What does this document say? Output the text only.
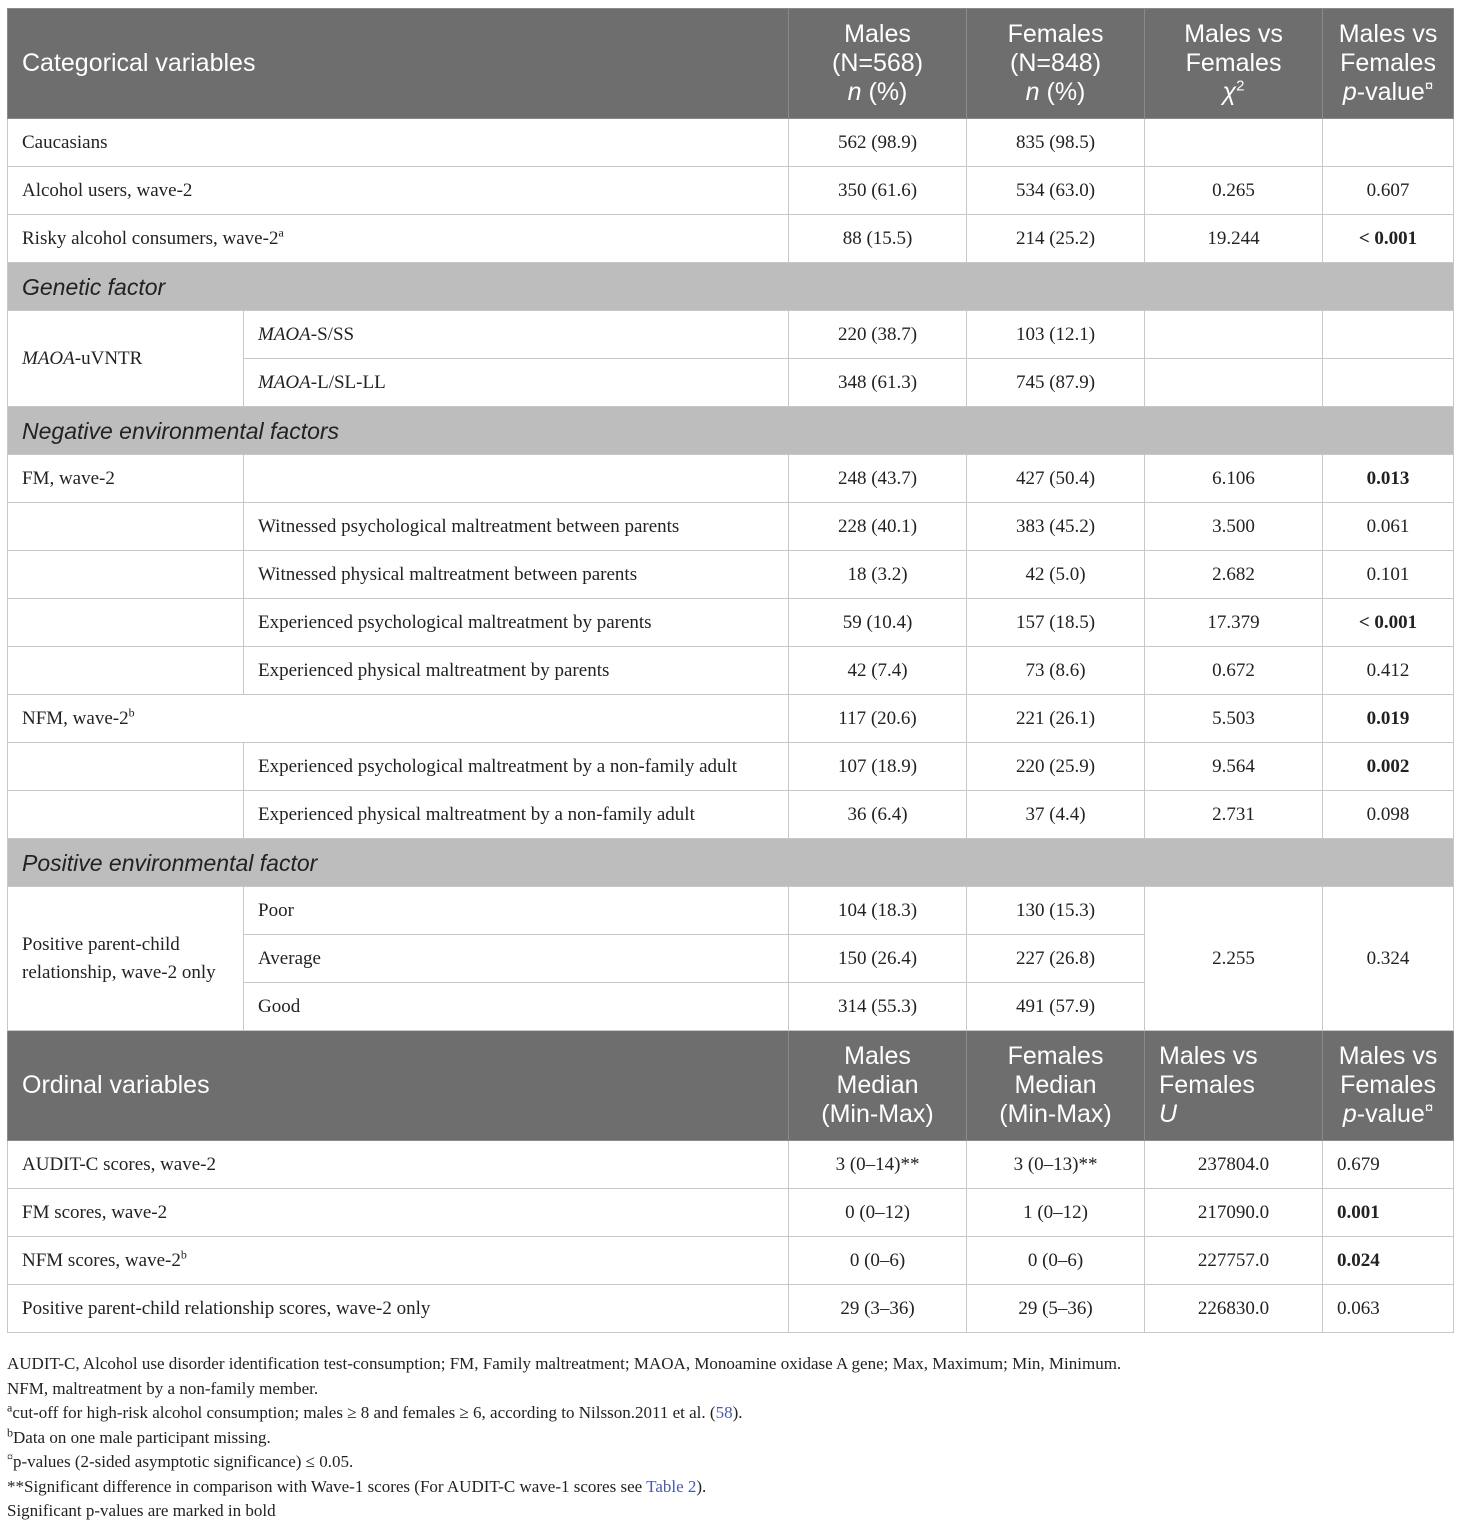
Categorical variables		Males
(N=568)
n (%)	Females
(N=848)
n (%)	Males vs
Females
$\chi^2$	Males vs
Females
p-value¤
Caucasians		562 (98.9)	835 (98.5)		
Alcohol users, wave-2		350 (61.6)	534 (63.0)	0.265	0.607
Risky alcohol consumers, wave-2$^a$		88 (15.5)	214 (25.2)	19.244	< 0.001
Genetic factor					
MAOA-uVNTR	MAOA-S/SS	220 (38.7)	103 (12.1)		
	MAOA-L/SL-LL	348 (61.3)	745 (87.9)		
Negative environmental factors					
FM, wave-2		248 (43.7)	427 (50.4)	6.106	0.013
	Witnessed psychological maltreatment between parents	228 (40.1)	383 (45.2)	3.500	0.061
	Witnessed physical maltreatment between parents	18 (3.2)	42 (5.0)	2.682	0.101
	Experienced psychological maltreatment by parents	59 (10.4)	157 (18.5)	17.379	< 0.001
	Experienced physical maltreatment by parents	42 (7.4)	73 (8.6)	0.672	0.412
NFM, wave-2$^b$		117 (20.6)	221 (26.1)	5.503	0.019
	Experienced psychological maltreatment by a non-family adult	107 (18.9)	220 (25.9)	9.564	0.002
	Experienced physical maltreatment by a non-family adult	36 (6.4)	37 (4.4)	2.731	0.098
Positive environmental factor					
Positive parent-child relationship, wave-2 only	Poor	104 (18.3)	130 (15.3)	2.255	0.324
	Average	150 (26.4)	227 (26.8)		
	Good	314 (55.3)	491 (57.9)		
Ordinal variables		Males
Median
(Min-Max)	Females
Median
(Min-Max)	Males vs
Females
U	Males vs
Females
p-value¤
AUDIT-C scores, wave-2		3 (0–14)**	3 (0–13)**	237804.0	0.679
FM scores, wave-2		0 (0–12)	1 (0–12)	217090.0	0.001
NFM scores, wave-2$^b$		0 (0–6)	0 (0–6)	227757.0	0.024
Positive parent-child relationship scores, wave-2 only		29 (3–36)	29 (5–36)	226830.0	0.063
AUDIT-C, Alcohol use disorder identification test-consumption; FM, Family maltreatment; MAOA, Monoamine oxidase A gene; Max, Maximum; Min, Minimum.
NFM, maltreatment by a non-family member.
$^a$cut-off for high-risk alcohol consumption; males ≥ 8 and females ≥ 6, according to Nilsson.2011 et al. (58).
$^b$Data on one male participant missing.
¤p-values (2-sided asymptotic significance) ≤ 0.05.
**Significant difference in comparison with Wave-1 scores (For AUDIT-C wave-1 scores see Table 2).
Significant p-values are marked in bold
